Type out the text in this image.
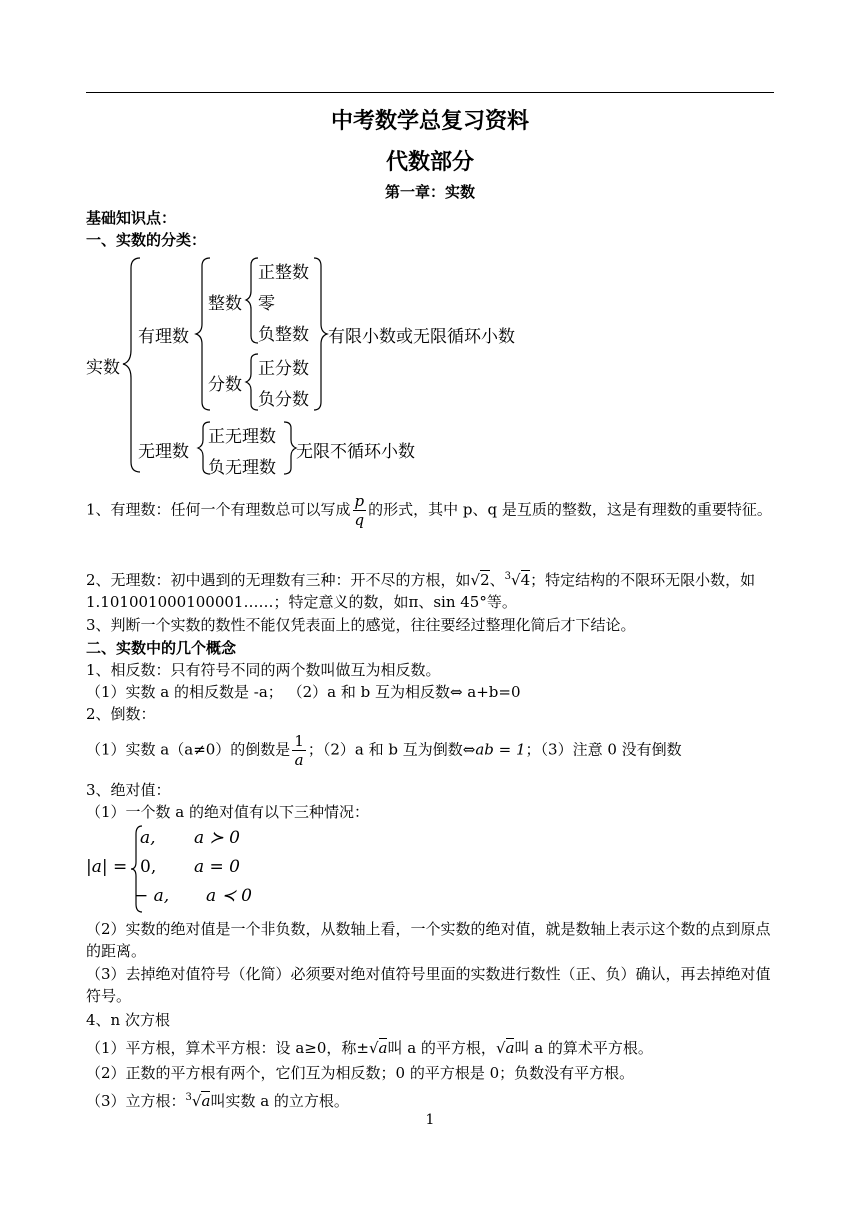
中考数学总复习资料
代数部分
第一章：实数
基础知识点：
一、实数的分类：
实数
有理数
整数
正整数
零
负整数 有限小数或无限循环小数
分数
正分数
负分数
无理数
正无理数
负无理数
无限不循环小数
1、有理数：任何一个有理数总可以写成 $\frac{p}{q}$ 的形式，其中 p、q 是互质的整数，这是有理数的重要特征。
2、无理数：初中遇到的无理数有三种：开不尽的方根，如√2、$^3$√4；特定结构的不限环无限小数，如 1.101001000100001……；特定意义的数，如π、sin 45°等。
3、判断一个实数的数性不能仅凭表面上的感觉，往往要经过整理化简后才下结论。
二、实数中的几个概念
1、相反数：只有符号不同的两个数叫做互为相反数。
（1）实数 a 的相反数是 -a； （2）a 和 b 互为相反数⇔ a+b=0
2、倒数：
（1）实数 a（a≠0）的倒数是 $\frac{1}{a}$ ；（2）a 和 b 互为倒数⇔ab = 1；（3）注意 0 没有倒数
3、绝对值：
（1）一个数 a 的绝对值有以下三种情况：
|a| =
a, a ≻ 0
0, a = 0
− a, a ≺ 0
（2）实数的绝对值是一个非负数，从数轴上看，一个实数的绝对值，就是数轴上表示这个数的点到原点的距离。
（3）去掉绝对值符号（化简）必须要对绝对值符号里面的实数进行数性（正、负）确认，再去掉绝对值符号。
4、n 次方根
（1）平方根，算术平方根：设 a≥0，称±√a叫 a 的平方根，√a叫 a 的算术平方根。
（2）正数的平方根有两个，它们互为相反数；0 的平方根是 0；负数没有平方根。
（3）立方根：$^3$√a叫实数 a 的立方根。
1
